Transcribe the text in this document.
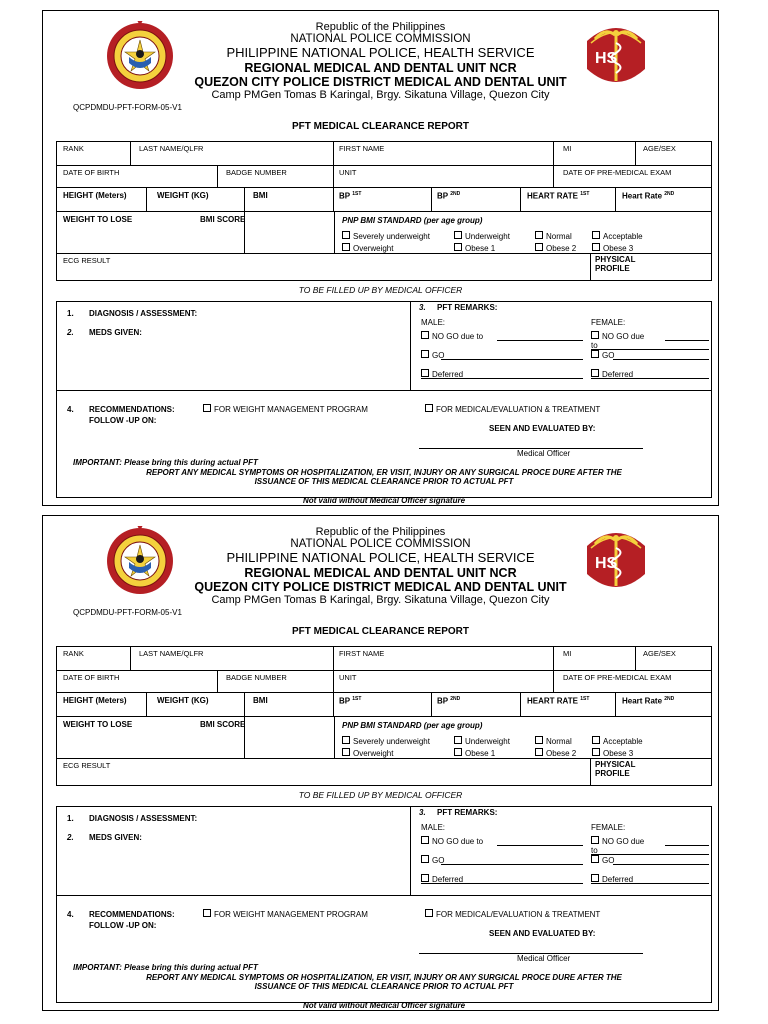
Republic of the Philippines
NATIONAL POLICE COMMISSION
PHILIPPINE NATIONAL POLICE, HEALTH SERVICE
REGIONAL MEDICAL AND DENTAL UNIT NCR
QUEZON CITY POLICE DISTRICT MEDICAL AND DENTAL UNIT
Camp PMGen Tomas B Karingal, Brgy. Sikatuna Village, Quezon City
HS
QCPDMDU-PFT-FORM-05-V1
PFT MEDICAL CLEARANCE REPORT
RANK	LAST NAME/QLFR	FIRST NAME	MI	AGE/SEX
DATE OF BIRTH	BADGE NUMBER	UNIT	DATE OF PRE-MEDICAL EXAM
HEIGHT (Meters)	WEIGHT (KG)	BMI	BP $^{1ST}$	BP $^{2ND}$	HEART RATE $^{1ST}$	Heart Rate $^{2ND}$
WEIGHT TO LOSE	BMI SCORE	PNP BMI STANDARD (per age group)
Severely underweight	Underweight	Normal	Acceptable
Overweight	Obese 1	Obese 2	Obese 3
ECG RESULT	PHYSICAL PROFILE
TO BE FILLED UP BY MEDICAL OFFICER
1. DIAGNOSIS / ASSESSMENT:
2. MEDS GIVEN:
3. PFT REMARKS:
MALE:	FEMALE:
NO GO due to	NO GO due
to
GO	GO
Deferred	Deferred
4. RECOMMENDATIONS:	FOR WEIGHT MANAGEMENT PROGRAM	FOR MEDICAL/EVALUATION & TREATMENT
FOLLOW -UP ON:
SEEN AND EVALUATED BY:
Medical Officer
IMPORTANT: Please bring this during actual PFT
REPORT ANY MEDICAL SYMPTOMS OR HOSPITALIZATION, ER VISIT, INJURY OR ANY SURGICAL PROCE DURE AFTER THE
ISSUANCE OF THIS MEDICAL CLEARANCE PRIOR TO ACTUAL PFT
Not valid without Medical Officer signature
Republic of the Philippines
NATIONAL POLICE COMMISSION
PHILIPPINE NATIONAL POLICE, HEALTH SERVICE
REGIONAL MEDICAL AND DENTAL UNIT NCR
QUEZON CITY POLICE DISTRICT MEDICAL AND DENTAL UNIT
Camp PMGen Tomas B Karingal, Brgy. Sikatuna Village, Quezon City
HS
QCPDMDU-PFT-FORM-05-V1
PFT MEDICAL CLEARANCE REPORT
RANK	LAST NAME/QLFR	FIRST NAME	MI	AGE/SEX
DATE OF BIRTH	BADGE NUMBER	UNIT	DATE OF PRE-MEDICAL EXAM
HEIGHT (Meters)	WEIGHT (KG)	BMI	BP $^{1ST}$	BP $^{2ND}$	HEART RATE $^{1ST}$	Heart Rate $^{2ND}$
WEIGHT TO LOSE	BMI SCORE	PNP BMI STANDARD (per age group)
Severely underweight	Underweight	Normal	Acceptable
Overweight	Obese 1	Obese 2	Obese 3
ECG RESULT	PHYSICAL PROFILE
TO BE FILLED UP BY MEDICAL OFFICER
1. DIAGNOSIS / ASSESSMENT:
2. MEDS GIVEN:
3. PFT REMARKS:
MALE:	FEMALE:
NO GO due to	NO GO due
to
GO	GO
Deferred	Deferred
4. RECOMMENDATIONS:	FOR WEIGHT MANAGEMENT PROGRAM	FOR MEDICAL/EVALUATION & TREATMENT
FOLLOW -UP ON:
SEEN AND EVALUATED BY:
Medical Officer
IMPORTANT: Please bring this during actual PFT
REPORT ANY MEDICAL SYMPTOMS OR HOSPITALIZATION, ER VISIT, INJURY OR ANY SURGICAL PROCE DURE AFTER THE
ISSUANCE OF THIS MEDICAL CLEARANCE PRIOR TO ACTUAL PFT
Not valid without Medical Officer signature
